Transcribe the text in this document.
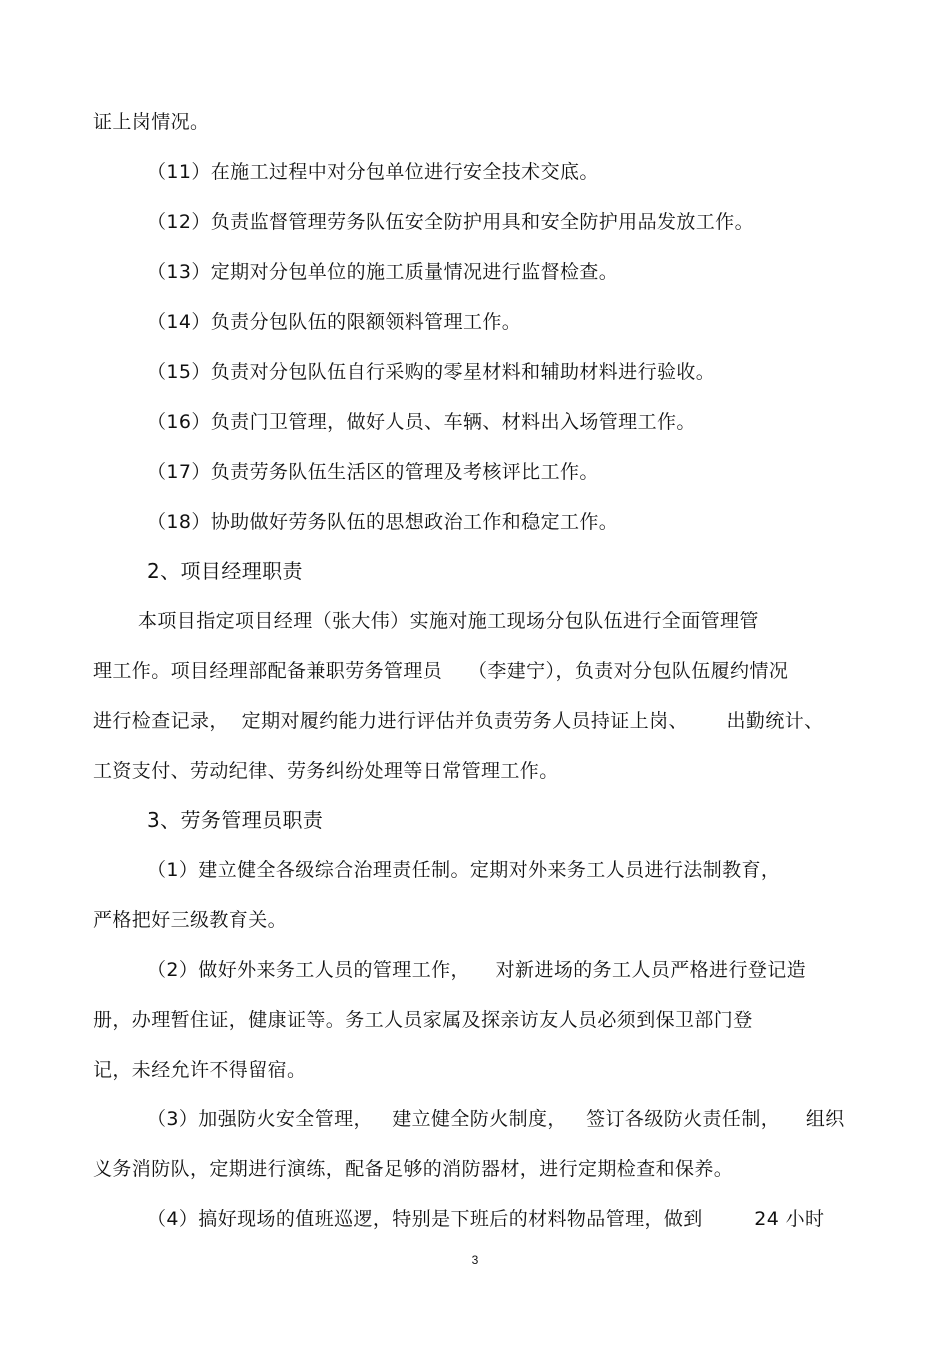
证上岗情况。
（11）在施工过程中对分包单位进行安全技术交底。
（12）负责监督管理劳务队伍安全防护用具和安全防护用品发放工作。
（13）定期对分包单位的施工质量情况进行监督检查。
（14）负责分包队伍的限额领料管理工作。
（15）负责对分包队伍自行采购的零星材料和辅助材料进行验收。
（16）负责门卫管理，做好人员、车辆、材料出入场管理工作。
（17）负责劳务队伍生活区的管理及考核评比工作。
（18）协助做好劳务队伍的思想政治工作和稳定工作。
2、项目经理职责
本项目指定项目经理（张大伟）实施对施工现场分包队伍进行全面管理管
理工作。项目经理部配备兼职劳务管理员    （李建宁），负责对分包队伍履约情况
进行检查记录，  定期对履约能力进行评估并负责劳务人员持证上岗、      出勤统计、
工资支付、劳动纪律、劳务纠纷处理等日常管理工作。
3、劳务管理员职责
（1）建立健全各级综合治理责任制。定期对外来务工人员进行法制教育，
严格把好三级教育关。
（2）做好外来务工人员的管理工作，    对新进场的务工人员严格进行登记造
册，办理暂住证，健康证等。务工人员家属及探亲访友人员必须到保卫部门登
记，未经允许不得留宿。
（3）加强防火安全管理，   建立健全防火制度，   签订各级防火责任制，    组织
义务消防队，定期进行演练，配备足够的消防器材，进行定期检查和保养。
（4）搞好现场的值班巡逻，特别是下班后的材料物品管理，做到        24 小时
3
